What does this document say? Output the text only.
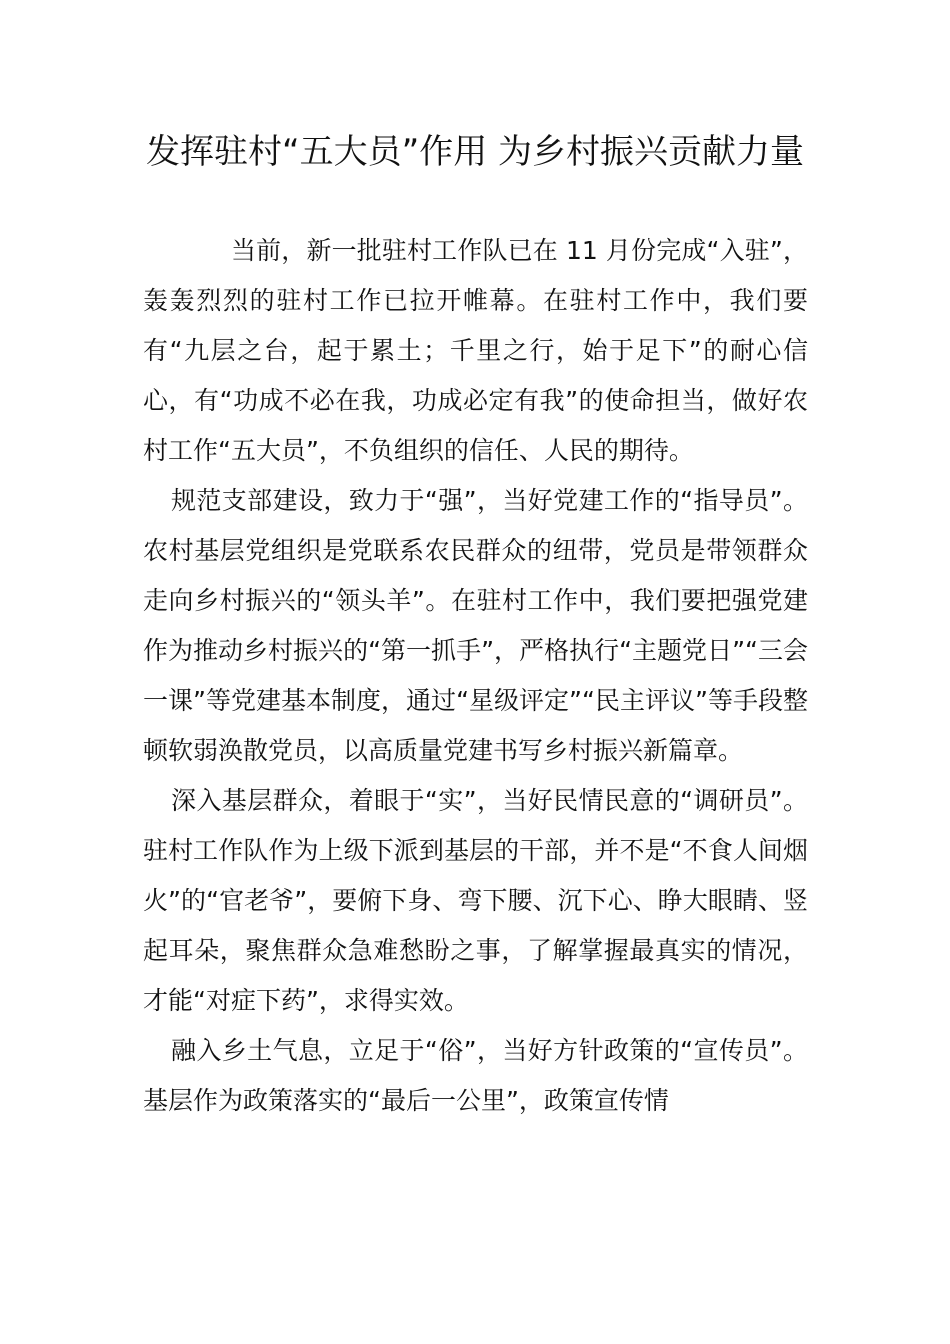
发挥驻村“五大员”作用 为乡村振兴贡献力量

当前，新一批驻村工作队已在 11 月份完成“入驻”，轰轰烈烈的驻村工作已拉开帷幕。在驻村工作中，我们要有“九层之台，起于累土；千里之行，始于足下”的耐心信心，有“功成不必在我，功成必定有我”的使命担当，做好农村工作“五大员”，不负组织的信任、人民的期待。

规范支部建设，致力于“强”，当好党建工作的“指导员”。农村基层党组织是党联系农民群众的纽带，党员是带领群众走向乡村振兴的“领头羊”。在驻村工作中，我们要把强党建作为推动乡村振兴的“第一抓手”，严格执行“主题党日”“三会一课”等党建基本制度，通过“星级评定”“民主评议”等手段整顿软弱涣散党员，以高质量党建书写乡村振兴新篇章。

深入基层群众，着眼于“实”，当好民情民意的“调研员”。驻村工作队作为上级下派到基层的干部，并不是“不食人间烟火”的“官老爷”，要俯下身、弯下腰、沉下心、睁大眼睛、竖起耳朵，聚焦群众急难愁盼之事，了解掌握最真实的情况，才能“对症下药”，求得实效。

融入乡土气息，立足于“俗”，当好方针政策的“宣传员”。基层作为政策落实的“最后一公里”，政策宣传情
